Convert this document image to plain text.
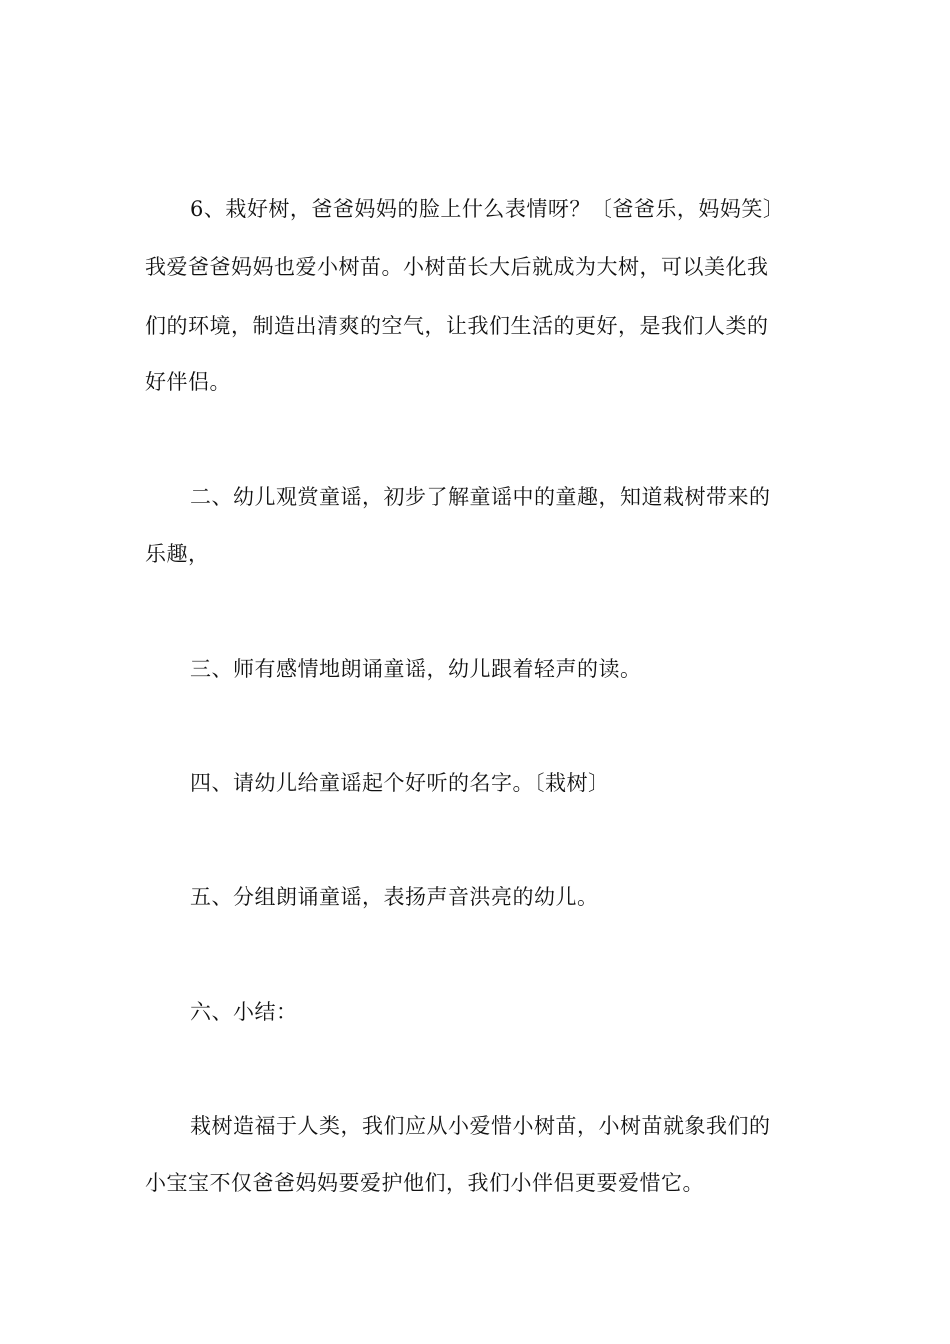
6、栽好树，爸爸妈妈的脸上什么表情呀？〔爸爸乐，妈妈笑〕
我爱爸爸妈妈也爱小树苗。小树苗长大后就成为大树，可以美化我
们的环境，制造出清爽的空气，让我们生活的更好，是我们人类的
好伴侣。
二、幼儿观赏童谣，初步了解童谣中的童趣，知道栽树带来的
乐趣，
三、师有感情地朗诵童谣，幼儿跟着轻声的读。
四、请幼儿给童谣起个好听的名字。〔栽树〕
五、分组朗诵童谣，表扬声音洪亮的幼儿。
六、小结：
栽树造福于人类，我们应从小爱惜小树苗，小树苗就象我们的
小宝宝不仅爸爸妈妈要爱护他们，我们小伴侣更要爱惜它。
